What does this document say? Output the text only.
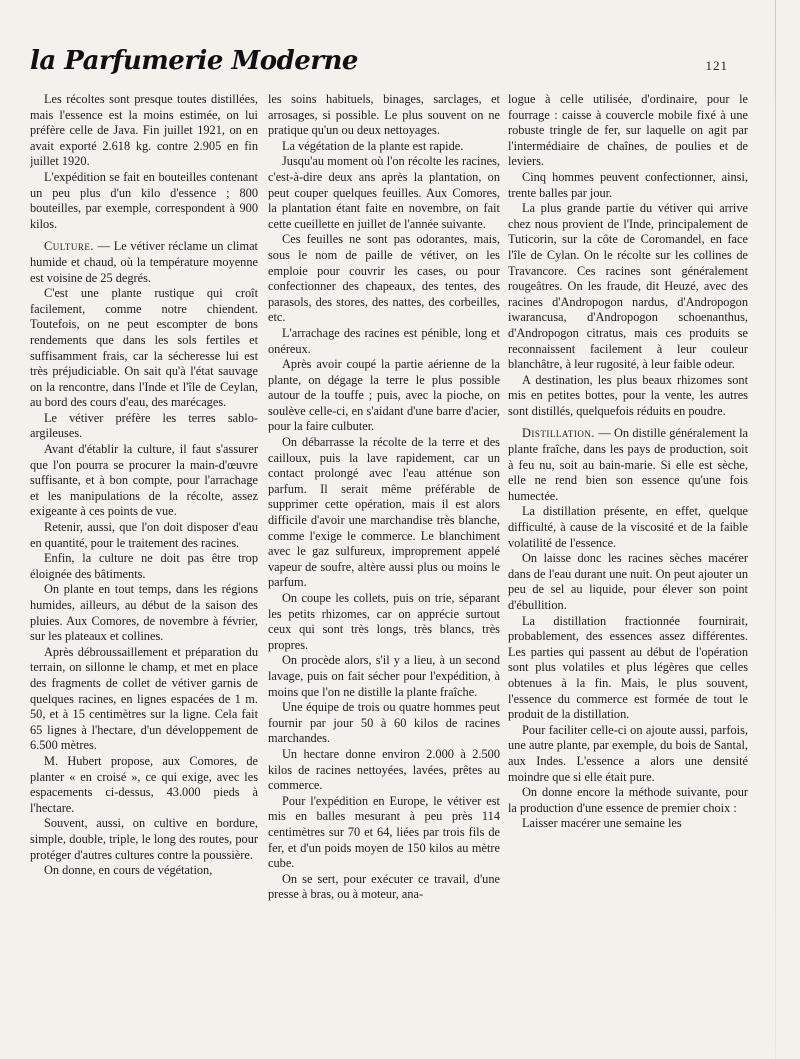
la Parfumerie Moderne	121

Les récoltes sont presque toutes distillées, mais l'essence est la moins estimée, on lui préfère celle de Java. Fin juillet 1921, on en avait exporté 2.618 kg. contre 2.905 en fin juillet 1920.

L'expédition se fait en bouteilles contenant un peu plus d'un kilo d'essence ; 800 bouteilles, par exemple, correspondent à 900 kilos.

Culture. — Le vétiver réclame un climat humide et chaud, où la température moyenne est voisine de 25 degrés.

C'est une plante rustique qui croît facilement, comme notre chiendent. Toutefois, on ne peut escompter de bons rendements que dans les sols fertiles et suffisamment frais, car la sécheresse lui est très préjudiciable. On sait qu'à l'état sauvage on la rencontre, dans l'Inde et l'île de Ceylan, au bord des cours d'eau, des marécages.

Le vétiver préfère les terres sablo-argileuses.

Avant d'établir la culture, il faut s'assurer que l'on pourra se procurer la main-d'œuvre suffisante, et à bon compte, pour l'arrachage et les manipulations de la récolte, assez exigeante à ces points de vue.

Retenir, aussi, que l'on doit disposer d'eau en quantité, pour le traitement des racines.

Enfin, la culture ne doit pas être trop éloignée des bâtiments.

On plante en tout temps, dans les régions humides, ailleurs, au début de la saison des pluies. Aux Comores, de novembre à février, sur les plateaux et collines.

Après débroussaillement et préparation du terrain, on sillonne le champ, et met en place des fragments de collet de vétiver garnis de quelques racines, en lignes espacées de 1 m. 50, et à 15 centimètres sur la ligne. Cela fait 65 lignes à l'hectare, d'un développement de 6.500 mètres.

M. Hubert propose, aux Comores, de planter « en croisé », ce qui exige, avec les espacements ci-dessus, 43.000 pieds à l'hectare.

Souvent, aussi, on cultive en bordure, simple, double, triple, le long des routes, pour protéger d'autres cultures contre la poussière.

On donne, en cours de végétation,

les soins habituels, binages, sarclages, et arrosages, si possible. Le plus souvent on ne pratique qu'un ou deux nettoyages.

La végétation de la plante est rapide.

Jusqu'au moment où l'on récolte les racines, c'est-à-dire deux ans après la plantation, on peut couper quelques feuilles. Aux Comores, la plantation étant faite en novembre, on fait cette cueillette en juillet de l'année suivante.

Ces feuilles ne sont pas odorantes, mais, sous le nom de paille de vétiver, on les emploie pour couvrir les cases, ou pour confectionner des chapeaux, des tentes, des parasols, des stores, des nattes, des corbeilles, etc.

L'arrachage des racines est pénible, long et onéreux.

Après avoir coupé la partie aérienne de la plante, on dégage la terre le plus possible autour de la touffe ; puis, avec la pioche, on soulève celle-ci, en s'aidant d'une barre d'acier, pour la faire culbuter.

On débarrasse la récolte de la terre et des cailloux, puis la lave rapidement, car un contact prolongé avec l'eau atténue son parfum. Il serait même préférable de supprimer cette opération, mais il est alors difficile d'avoir une marchandise très blanche, comme l'exige le commerce. Le blanchiment avec le gaz sulfureux, improprement appelé vapeur de soufre, altère aussi plus ou moins le parfum.

On coupe les collets, puis on trie, séparant les petits rhizomes, car on apprécie surtout ceux qui sont très longs, très blancs, très propres.

On procède alors, s'il y a lieu, à un second lavage, puis on fait sécher pour l'expédition, à moins que l'on ne distille la plante fraîche.

Une équipe de trois ou quatre hommes peut fournir par jour 50 à 60 kilos de racines marchandes.

Un hectare donne environ 2.000 à 2.500 kilos de racines nettoyées, lavées, prêtes au commerce.

Pour l'expédition en Europe, le vétiver est mis en balles mesurant à peu près 114 centimètres sur 70 et 64, liées par trois fils de fer, et d'un poids moyen de 150 kilos au mètre cube.

On se sert, pour exécuter ce travail, d'une presse à bras, ou à moteur, ana-

logue à celle utilisée, d'ordinaire, pour le fourrage : caisse à couvercle mobile fixé à une robuste tringle de fer, sur laquelle on agit par l'intermédiaire de chaînes, de poulies et de leviers.

Cinq hommes peuvent confectionner, ainsi, trente balles par jour.

La plus grande partie du vétiver qui arrive chez nous provient de l'Inde, principalement de Tuticorin, sur la côte de Coromandel, en face l'île de Cylan. On le récolte sur les collines de Travancore. Ces racines sont généralement rougeâtres. On les fraude, dit Heuzé, avec des racines d'Andropogon nardus, d'Andropogon iwarancusa, d'Andropogon schoenanthus, d'Andropogon citratus, mais ces produits se reconnaissent facilement à leur couleur blanchâtre, à leur rugosité, à leur faible odeur.

A destination, les plus beaux rhizomes sont mis en petites bottes, pour la vente, les autres sont distillés, quelquefois réduits en poudre.

Distillation. — On distille généralement la plante fraîche, dans les pays de production, soit à feu nu, soit au bain-marie. Si elle est sèche, elle ne rend bien son essence qu'une fois humectée.

La distillation présente, en effet, quelque difficulté, à cause de la viscosité et de la faible volatilité de l'essence.

On laisse donc les racines sèches macérer dans de l'eau durant une nuit. On peut ajouter un peu de sel au liquide, pour élever son point d'ébullition.

La distillation fractionnée fournirait, probablement, des essences assez différentes. Les parties qui passent au début de l'opération sont plus volatiles et plus légères que celles obtenues à la fin. Mais, le plus souvent, l'essence du commerce est formée de tout le produit de la distillation.

Pour faciliter celle-ci on ajoute aussi, parfois, une autre plante, par exemple, du bois de Santal, aux Indes. L'essence a alors une densité moindre que si elle était pure.

On donne encore la méthode suivante, pour la production d'une essence de premier choix :

Laisser macérer une semaine les
